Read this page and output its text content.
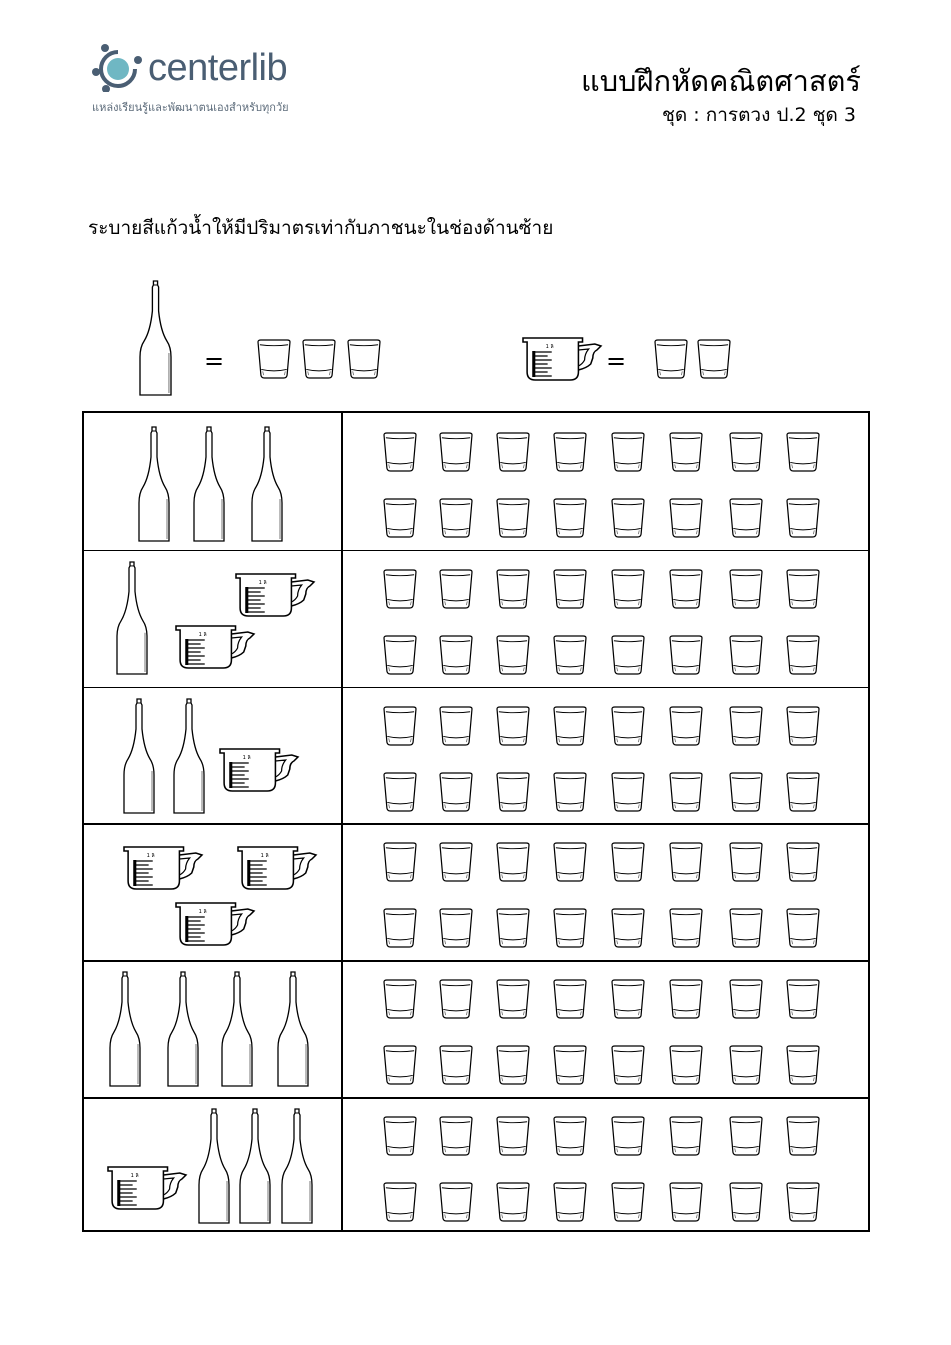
centerlib
แหล่งเรียนรู้และพัฒนาตนเองสำหรับทุกวัย
แบบฝึกหัดคณิตศาสตร์
ชุด : การตวง ป.2 ชุด 3
ระบายสีแก้วน้ำให้มีปริมาตรเท่ากับภาชนะในช่องด้านซ้าย
=	=
